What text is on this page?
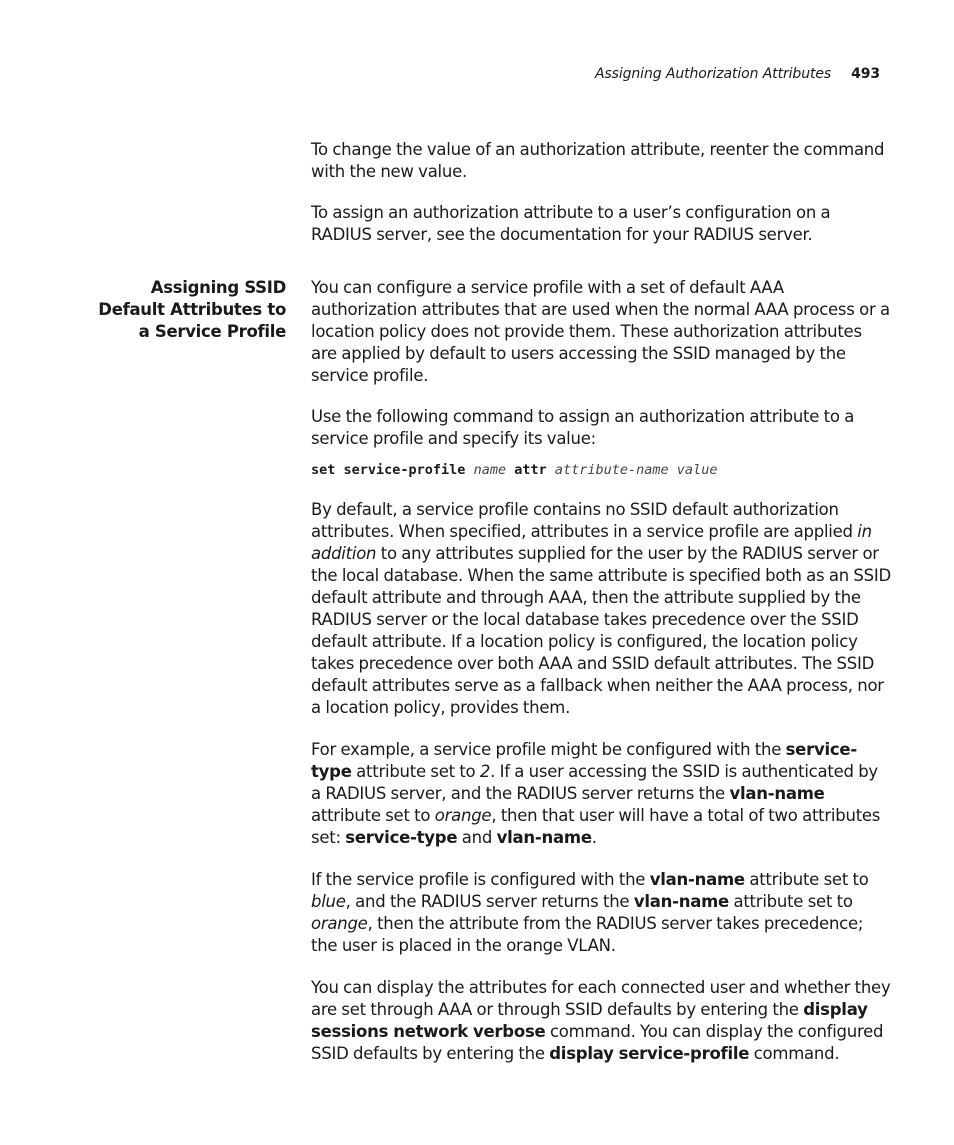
Assigning Authorization Attributes 493

To change the value of an authorization attribute, reenter the command with the new value.

To assign an authorization attribute to a user’s configuration on a RADIUS server, see the documentation for your RADIUS server.

Assigning SSID
Default Attributes to
a Service Profile

You can configure a service profile with a set of default AAA authorization attributes that are used when the normal AAA process or a location policy does not provide them. These authorization attributes are applied by default to users accessing the SSID managed by the service profile.

Use the following command to assign an authorization attribute to a service profile and specify its value:

set service-profile name attr attribute-name value

By default, a service profile contains no SSID default authorization attributes. When specified, attributes in a service profile are applied in addition to any attributes supplied for the user by the RADIUS server or the local database. When the same attribute is specified both as an SSID default attribute and through AAA, then the attribute supplied by the RADIUS server or the local database takes precedence over the SSID default attribute. If a location policy is configured, the location policy takes precedence over both AAA and SSID default attributes. The SSID default attributes serve as a fallback when neither the AAA process, nor a location policy, provides them.

For example, a service profile might be configured with the service-type attribute set to 2. If a user accessing the SSID is authenticated by a RADIUS server, and the RADIUS server returns the vlan-name attribute set to orange, then that user will have a total of two attributes set: service-type and vlan-name.

If the service profile is configured with the vlan-name attribute set to blue, and the RADIUS server returns the vlan-name attribute set to orange, then the attribute from the RADIUS server takes precedence; the user is placed in the orange VLAN.

You can display the attributes for each connected user and whether they are set through AAA or through SSID defaults by entering the display sessions network verbose command. You can display the configured SSID defaults by entering the display service-profile command.
